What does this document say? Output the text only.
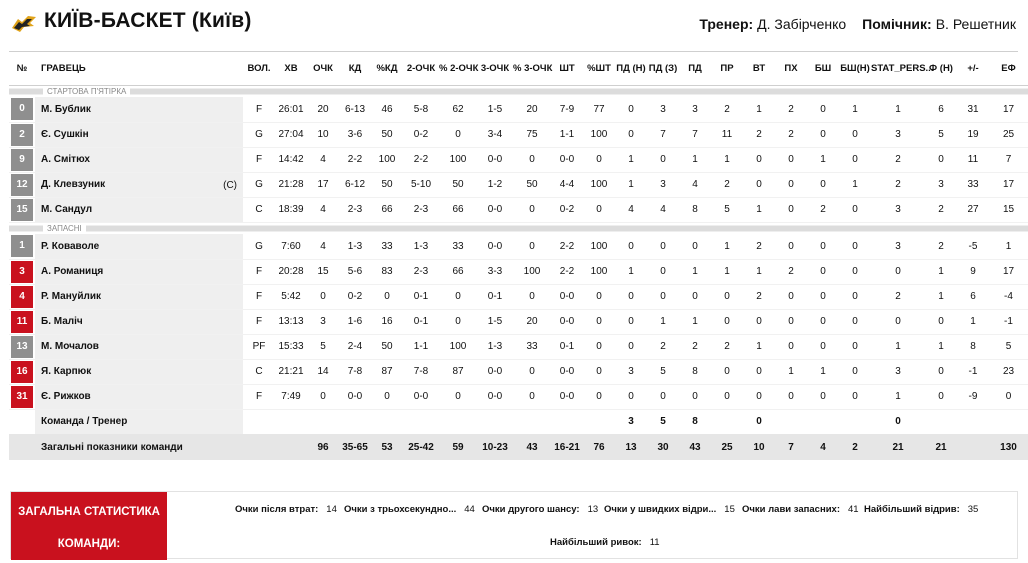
КИЇВ-БАСКЕТ (Київ)	Тренер: Д. Забірченко Помічник: В. Решетник
№	ГРАВЕЦЬ	ВОЛ.	ХВ	ОЧК	КД	%КД	2-ОЧК	% 2-ОЧК	3-ОЧК	% 3-ОЧК	ШТ	%ШТ	ПД (Н)	ПД (З)	ПД	ПР	ВТ	ПХ	БШ	БШ(Н)	STAT_PERS...	Ф (Н)	+/-	ЕФ
СТАРТОВА П'ЯТІРКА																								

0	М. Бублик	F	26:01	20	6-13	46	5-8	62	1-5	20	7-9	77	0	3	3	2	1	2	0	1	1	6	31	17

2	Є. Сушкін	G	27:04	10	3-6	50	0-2	0	3-4	75	1-1	100	0	7	7	11	2	2	0	0	3	5	19	25

9	А. Смітюх	F	14:42	4	2-2	100	2-2	100	0-0	0	0-0	0	1	0	1	1	0	0	1	0	2	0	11	7

12	Д. Клевзуник (C)	G	21:28	17	6-12	50	5-10	50	1-2	50	4-4	100	1	3	4	2	0	0	0	1	2	3	33	17

15	М. Сандул	C	18:39	4	2-3	66	2-3	66	0-0	0	0-2	0	4	4	8	5	1	0	2	0	3	2	27	15
ЗАПАСНІ																								

1	Р. Коваволе	G	7:60	4	1-3	33	1-3	33	0-0	0	2-2	100	0	0	0	1	2	0	0	0	3	2	-5	1

3	А. Романиця	F	20:28	15	5-6	83	2-3	66	3-3	100	2-2	100	1	0	1	1	1	2	0	0	0	1	9	17

4	Р. Мануйлик	F	5:42	0	0-2	0	0-1	0	0-1	0	0-0	0	0	0	0	0	2	0	0	0	2	1	6	-4

11	Б. Маліч	F	13:13	3	1-6	16	0-1	0	1-5	20	0-0	0	0	1	1	0	0	0	0	0	0	0	1	-1

13	М. Мочалов	PF	15:33	5	2-4	50	1-1	100	1-3	33	0-1	0	0	2	2	2	1	0	0	0	1	1	8	5

16	Я. Карпюк	C	21:21	14	7-8	87	7-8	87	0-0	0	0-0	0	3	5	8	0	0	1	1	0	3	0	-1	23

31	Є. Рижков	F	7:49	0	0-0	0	0-0	0	0-0	0	0-0	0	0	0	0	0	0	0	0	0	1	0	-9	0
	Команда / Тренер												3	5	8		0				0			
	Загальні показники команди			96	35-65	53	25-42	59	10-23	43	16-21	76	13	30	43	25	10	7	4	2	21	21		130
ЗАГАЛЬНА СТАТИСТИКА
КОМАНДИ:
Очки після втрат: 14 Очки з трьохсекундно... 44 Очки другого шансу: 13 Очки у швидких відри... 15 Очки лави запасних: 41 Найбільший відрив: 35
Найбільший ривок: 11
